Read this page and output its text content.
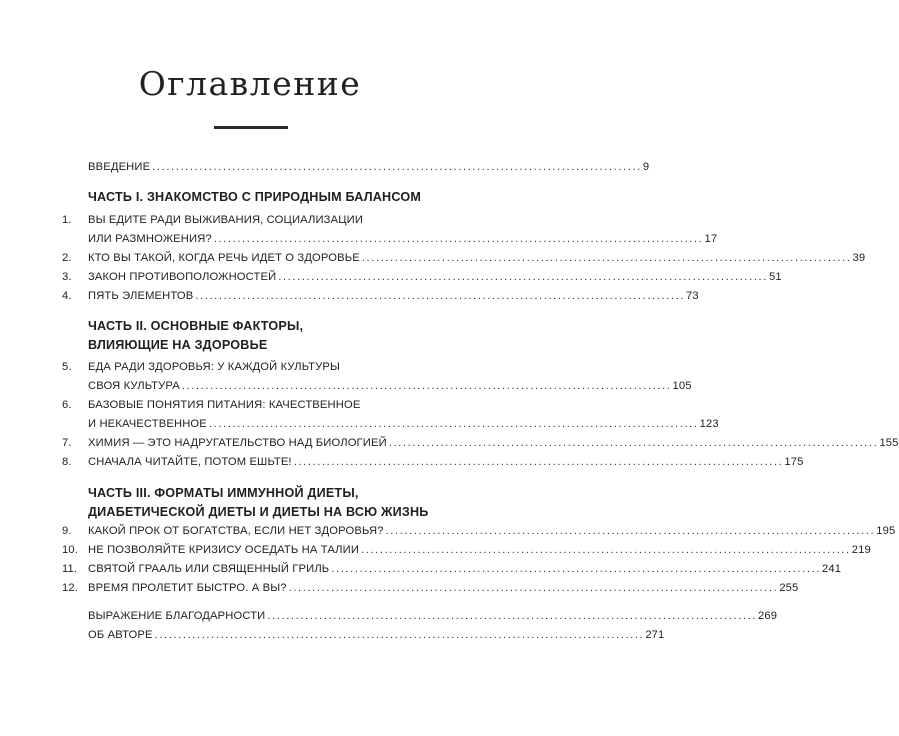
Оглавление
ВВЕДЕНИЕ ........................................................................................................ 9
ЧАСТЬ I. ЗНАКОМСТВО С ПРИРОДНЫМ БАЛАНСОМ
1.	ВЫ ЕДИТЕ РАДИ ВЫЖИВАНИЯ, СОЦИАЛИЗАЦИИ
ИЛИ РАЗМНОЖЕНИЯ? ........................................................................................................ 17
2.	КТО ВЫ ТАКОЙ, КОГДА РЕЧЬ ИДЕТ О ЗДОРОВЬЕ ........................................................................................................ 39
3.	ЗАКОН ПРОТИВОПОЛОЖНОСТЕЙ ........................................................................................................ 51
4.	ПЯТЬ ЭЛЕМЕНТОВ ........................................................................................................ 73
ЧАСТЬ II. ОСНОВНЫЕ ФАКТОРЫ,
ВЛИЯЮЩИЕ НА ЗДОРОВЬЕ
5.	ЕДА РАДИ ЗДОРОВЬЯ: У КАЖДОЙ КУЛЬТУРЫ
СВОЯ КУЛЬТУРА ........................................................................................................ 105
6.	БАЗОВЫЕ ПОНЯТИЯ ПИТАНИЯ: КАЧЕСТВЕННОЕ
И НЕКАЧЕСТВЕННОЕ ........................................................................................................ 123
7.	ХИМИЯ — ЭТО НАДРУГАТЕЛЬСТВО НАД БИОЛОГИЕЙ ........................................................................................................ 155
8.	СНАЧАЛА ЧИТАЙТЕ, ПОТОМ ЕШЬТЕ! ........................................................................................................ 175
ЧАСТЬ III. ФОРМАТЫ ИММУННОЙ ДИЕТЫ,
ДИАБЕТИЧЕСКОЙ ДИЕТЫ И ДИЕТЫ НА ВСЮ ЖИЗНЬ
9.	КАКОЙ ПРОК ОТ БОГАТСТВА, ЕСЛИ НЕТ ЗДОРОВЬЯ? ........................................................................................................ 195
10. НЕ ПОЗВОЛЯЙТЕ КРИЗИСУ ОСЕДАТЬ НА ТАЛИИ ........................................................................................................ 219
11. СВЯТОЙ ГРААЛЬ ИЛИ СВЯЩЕННЫЙ ГРИЛЬ ........................................................................................................ 241
12. ВРЕМЯ ПРОЛЕТИТ БЫСТРО. А ВЫ? ........................................................................................................ 255
ВЫРАЖЕНИЕ БЛАГОДАРНОСТИ ........................................................................................................ 269
ОБ АВТОРЕ ........................................................................................................ 271
